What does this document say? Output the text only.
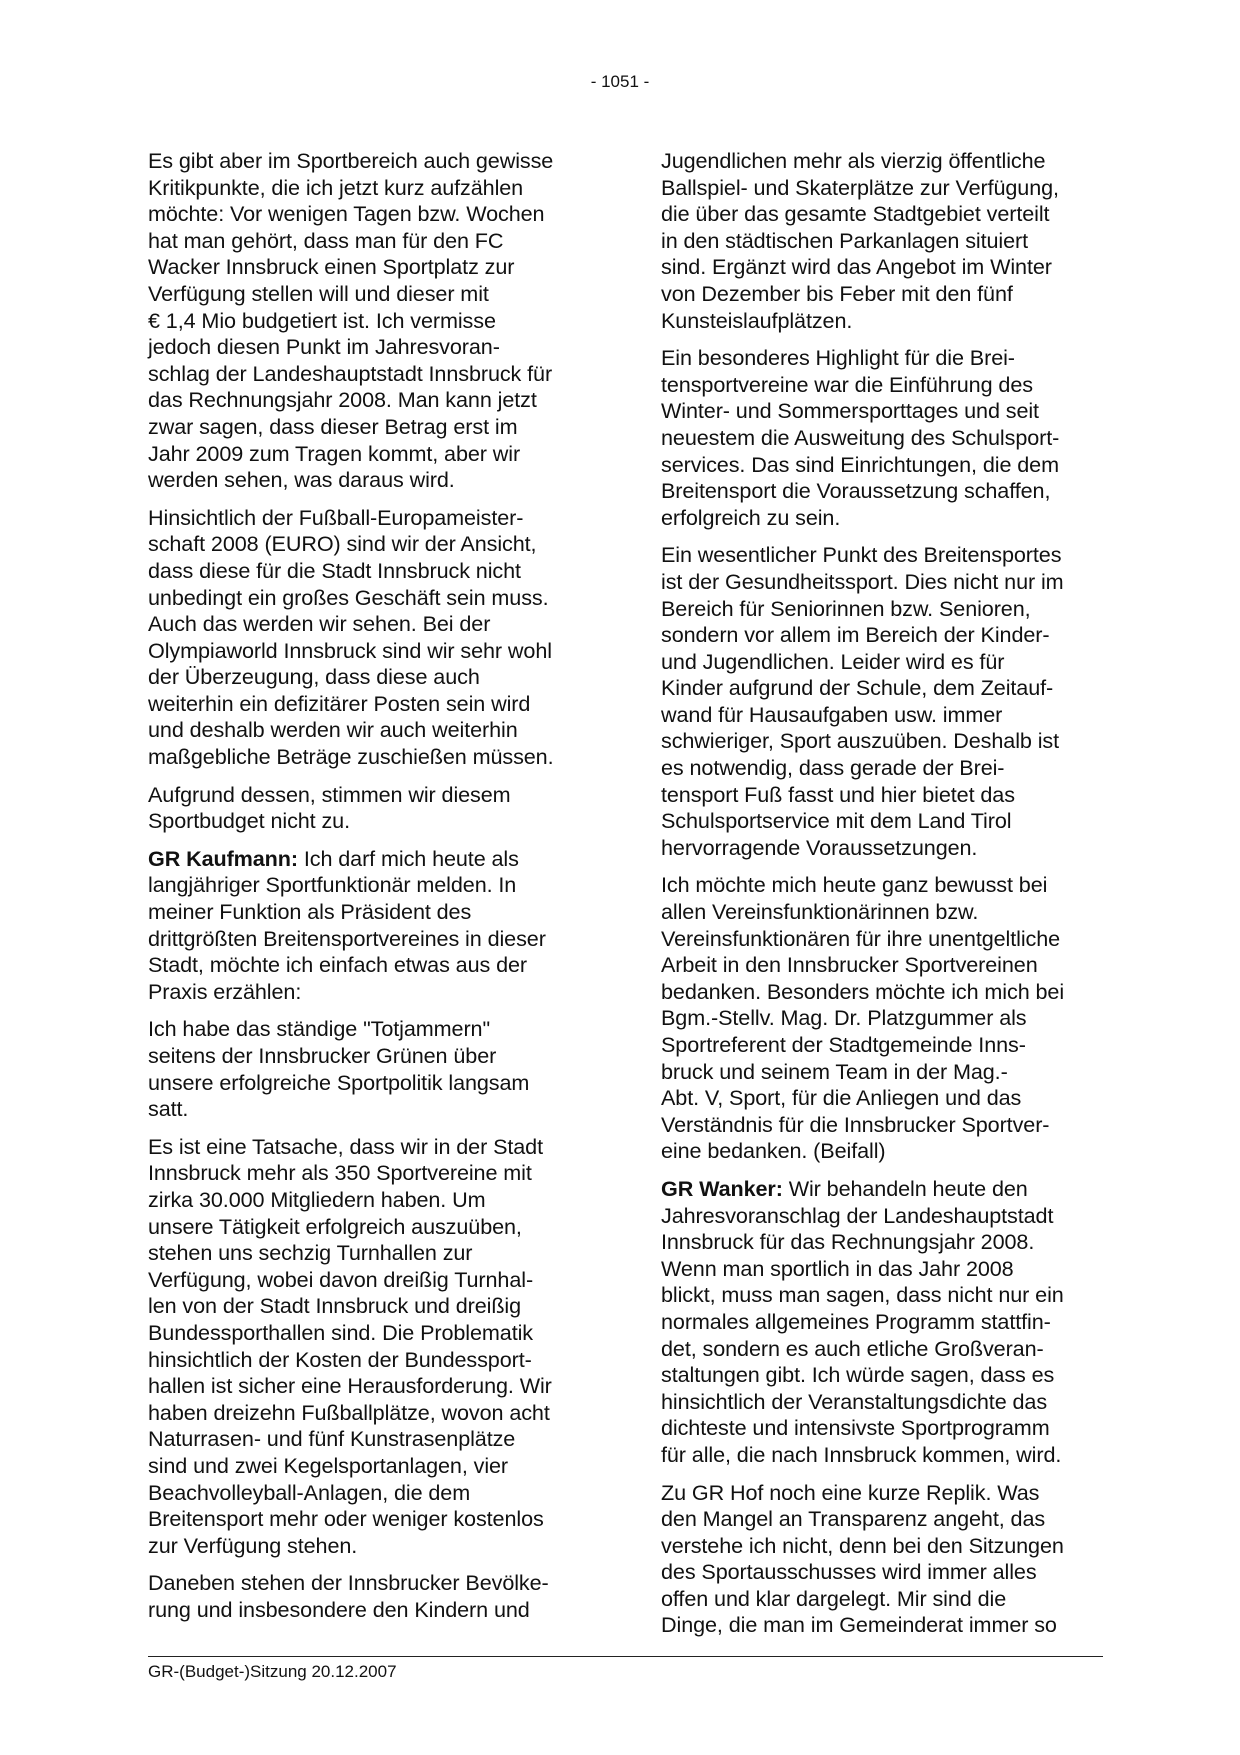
- 1051 -

Es gibt aber im Sportbereich auch gewisse
Kritikpunkte, die ich jetzt kurz aufzählen
möchte: Vor wenigen Tagen bzw. Wochen
hat man gehört, dass man für den FC
Wacker Innsbruck einen Sportplatz zur
Verfügung stellen will und dieser mit
€ 1,4 Mio budgetiert ist. Ich vermisse
jedoch diesen Punkt im Jahresvoran-
schlag der Landeshauptstadt Innsbruck für
das Rechnungsjahr 2008. Man kann jetzt
zwar sagen, dass dieser Betrag erst im
Jahr 2009 zum Tragen kommt, aber wir
werden sehen, was daraus wird.

Hinsichtlich der Fußball-Europameister-
schaft 2008 (EURO) sind wir der Ansicht,
dass diese für die Stadt Innsbruck nicht
unbedingt ein großes Geschäft sein muss.
Auch das werden wir sehen. Bei der
Olympiaworld Innsbruck sind wir sehr wohl
der Überzeugung, dass diese auch
weiterhin ein defizitärer Posten sein wird
und deshalb werden wir auch weiterhin
maßgebliche Beträge zuschießen müssen.

Aufgrund dessen, stimmen wir diesem
Sportbudget nicht zu.

GR Kaufmann: Ich darf mich heute als
langjähriger Sportfunktionär melden. In
meiner Funktion als Präsident des
drittgrößten Breitensportvereines in dieser
Stadt, möchte ich einfach etwas aus der
Praxis erzählen:

Ich habe das ständige "Totjammern"
seitens der Innsbrucker Grünen über
unsere erfolgreiche Sportpolitik langsam
satt.

Es ist eine Tatsache, dass wir in der Stadt
Innsbruck mehr als 350 Sportvereine mit
zirka 30.000 Mitgliedern haben. Um
unsere Tätigkeit erfolgreich auszuüben,
stehen uns sechzig Turnhallen zur
Verfügung, wobei davon dreißig Turnhal-
len von der Stadt Innsbruck und dreißig
Bundessporthallen sind. Die Problematik
hinsichtlich der Kosten der Bundessport-
hallen ist sicher eine Herausforderung. Wir
haben dreizehn Fußballplätze, wovon acht
Naturrasen- und fünf Kunstrasenplätze
sind und zwei Kegelsportanlagen, vier
Beachvolleyball-Anlagen, die dem
Breitensport mehr oder weniger kostenlos
zur Verfügung stehen.

Daneben stehen der Innsbrucker Bevölke-
rung und insbesondere den Kindern und

Jugendlichen mehr als vierzig öffentliche
Ballspiel- und Skaterplätze zur Verfügung,
die über das gesamte Stadtgebiet verteilt
in den städtischen Parkanlagen situiert
sind. Ergänzt wird das Angebot im Winter
von Dezember bis Feber mit den fünf
Kunsteislaufplätzen.

Ein besonderes Highlight für die Brei-
tensportvereine war die Einführung des
Winter- und Sommersporttages und seit
neuestem die Ausweitung des Schulsport-
services. Das sind Einrichtungen, die dem
Breitensport die Voraussetzung schaffen,
erfolgreich zu sein.

Ein wesentlicher Punkt des Breitensportes
ist der Gesundheitssport. Dies nicht nur im
Bereich für Seniorinnen bzw. Senioren,
sondern vor allem im Bereich der Kinder-
und Jugendlichen. Leider wird es für
Kinder aufgrund der Schule, dem Zeitauf-
wand für Hausaufgaben usw. immer
schwieriger, Sport auszuüben. Deshalb ist
es notwendig, dass gerade der Brei-
tensport Fuß fasst und hier bietet das
Schulsportservice mit dem Land Tirol
hervorragende Voraussetzungen.

Ich möchte mich heute ganz bewusst bei
allen Vereinsfunktionärinnen bzw.
Vereinsfunktionären für ihre unentgeltliche
Arbeit in den Innsbrucker Sportvereinen
bedanken. Besonders möchte ich mich bei
Bgm.-Stellv. Mag. Dr. Platzgummer als
Sportreferent der Stadtgemeinde Inns-
bruck und seinem Team in der Mag.-
Abt. V, Sport, für die Anliegen und das
Verständnis für die Innsbrucker Sportver-
eine bedanken. (Beifall)

GR Wanker: Wir behandeln heute den
Jahresvoranschlag der Landeshauptstadt
Innsbruck für das Rechnungsjahr 2008.
Wenn man sportlich in das Jahr 2008
blickt, muss man sagen, dass nicht nur ein
normales allgemeines Programm stattfin-
det, sondern es auch etliche Großveran-
staltungen gibt. Ich würde sagen, dass es
hinsichtlich der Veranstaltungsdichte das
dichteste und intensivste Sportprogramm
für alle, die nach Innsbruck kommen, wird.

Zu GR Hof noch eine kurze Replik. Was
den Mangel an Transparenz angeht, das
verstehe ich nicht, denn bei den Sitzungen
des Sportausschusses wird immer alles
offen und klar dargelegt. Mir sind die
Dinge, die man im Gemeinderat immer so

GR-(Budget-)Sitzung 20.12.2007
